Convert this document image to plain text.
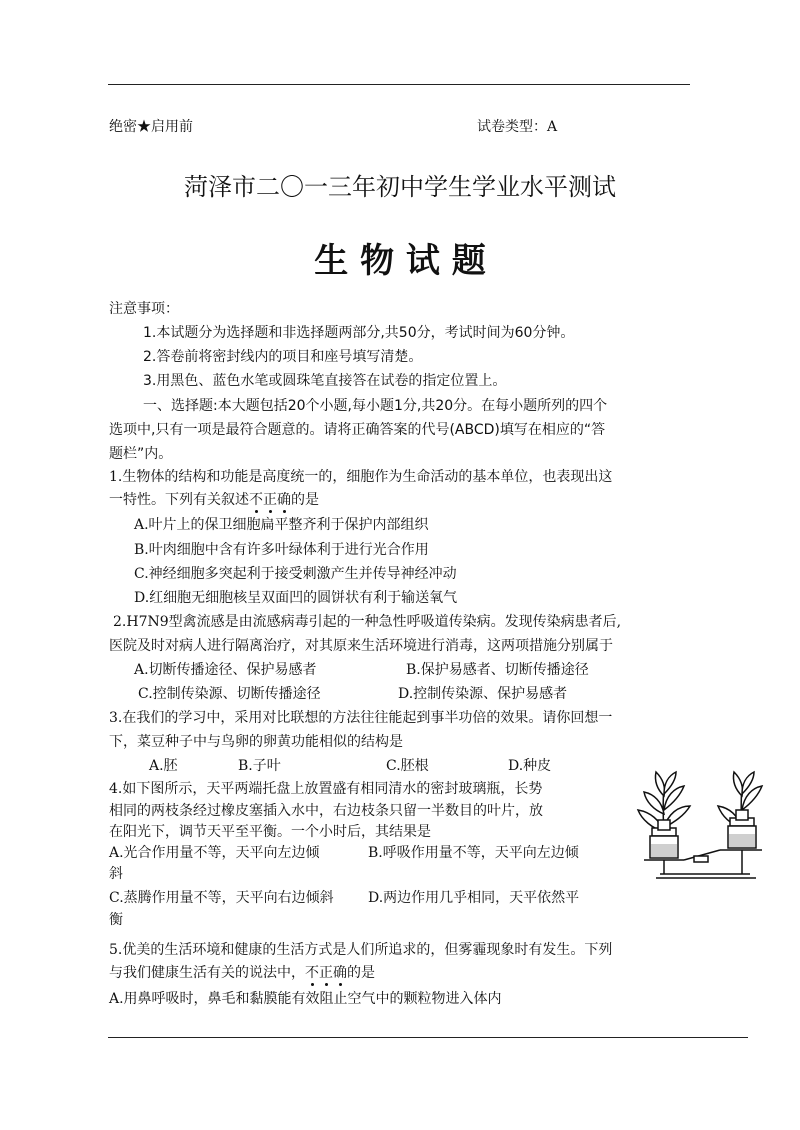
绝密★启用前	试卷类型：A
菏泽市二〇一三年初中学生学业水平测试
生 物 试 题
注意事项：
1.本试题分为选择题和非选择题两部分,共50分，考试时间为60分钟。
2.答卷前将密封线内的项目和座号填写清楚。
3.用黑色、蓝色水笔或圆珠笔直接答在试卷的指定位置上。
一、选择题:本大题包括20个小题,每小题1分,共20分。在每小题所列的四个
选项中,只有一项是最符合题意的。请将正确答案的代号(ABCD)填写在相应的“答
题栏”内。
1.生物体的结构和功能是高度统一的，细胞作为生命活动的基本单位，也表现出这
一特性。下列有关叙述不正确的是
A.叶片上的保卫细胞扁平整齐利于保护内部组织
B.叶肉细胞中含有许多叶绿体利于进行光合作用
C.神经细胞多突起利于接受刺激产生并传导神经冲动
D.红细胞无细胞核呈双面凹的圆饼状有利于输送氧气
2.H7N9型禽流感是由流感病毒引起的一种急性呼吸道传染病。发现传染病患者后,
医院及时对病人进行隔离治疗，对其原来生活环境进行消毒，这两项措施分别属于
A.切断传播途径、保护易感者	B.保护易感者、切断传播途径
C.控制传染源、切断传播途径	D.控制传染源、保护易感者
3.在我们的学习中，采用对比联想的方法往往能起到事半功倍的效果。请你回想一
下，菜豆种子中与鸟卵的卵黄功能相似的结构是
A.胚	B.子叶	C.胚根	D.种皮
4.如下图所示，天平两端托盘上放置盛有相同清水的密封玻璃瓶，长势
相同的两枝条经过橡皮塞插入水中，右边枝条只留一半数目的叶片，放
在阳光下，调节天平至平衡。一个小时后，其结果是
A.光合作用量不等，天平向左边倾	B.呼吸作用量不等，天平向左边倾
斜
C.蒸腾作用量不等，天平向右边倾斜 D.两边作用几乎相同，天平依然平
衡
5.优美的生活环境和健康的生活方式是人们所追求的，但雾霾现象时有发生。下列
与我们健康生活有关的说法中，不正确的是
A.用鼻呼吸时，鼻毛和黏膜能有效阻止空气中的颗粒物进入体内
